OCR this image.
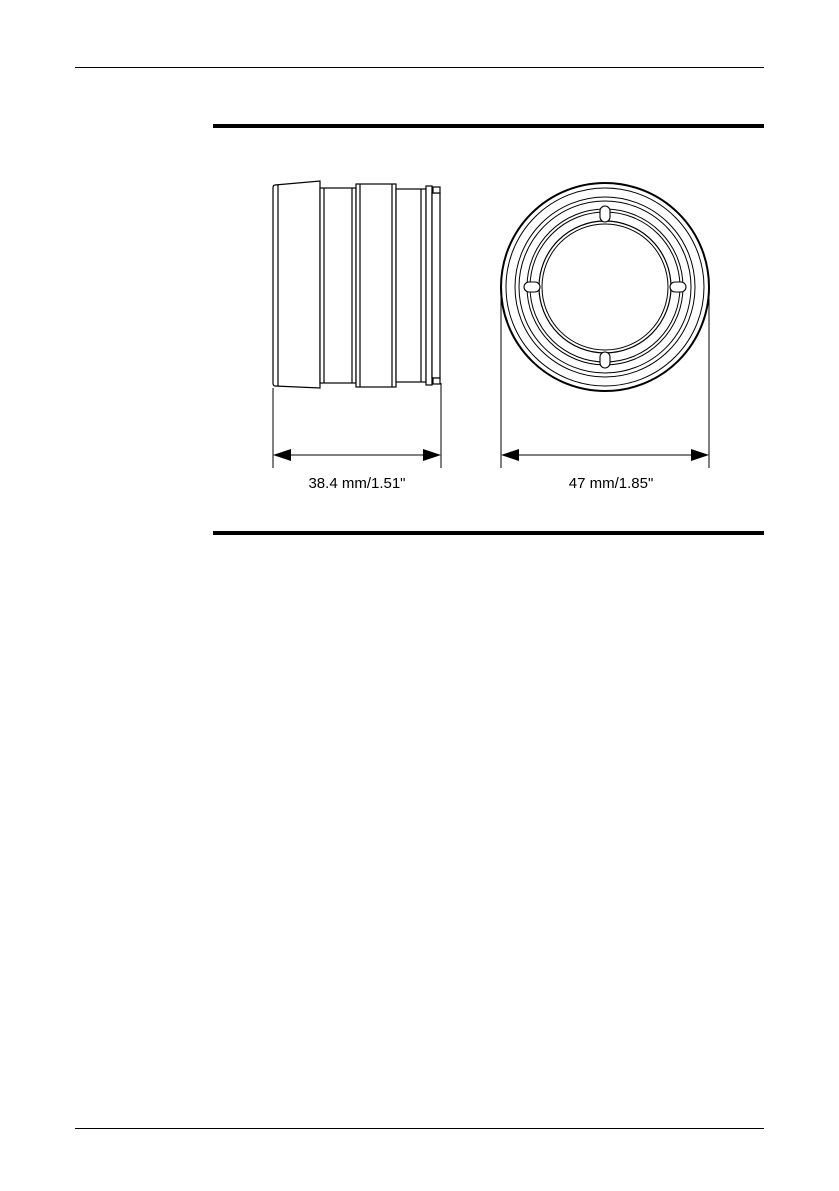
38.4 mm/1.51"	47 mm/1.85"
